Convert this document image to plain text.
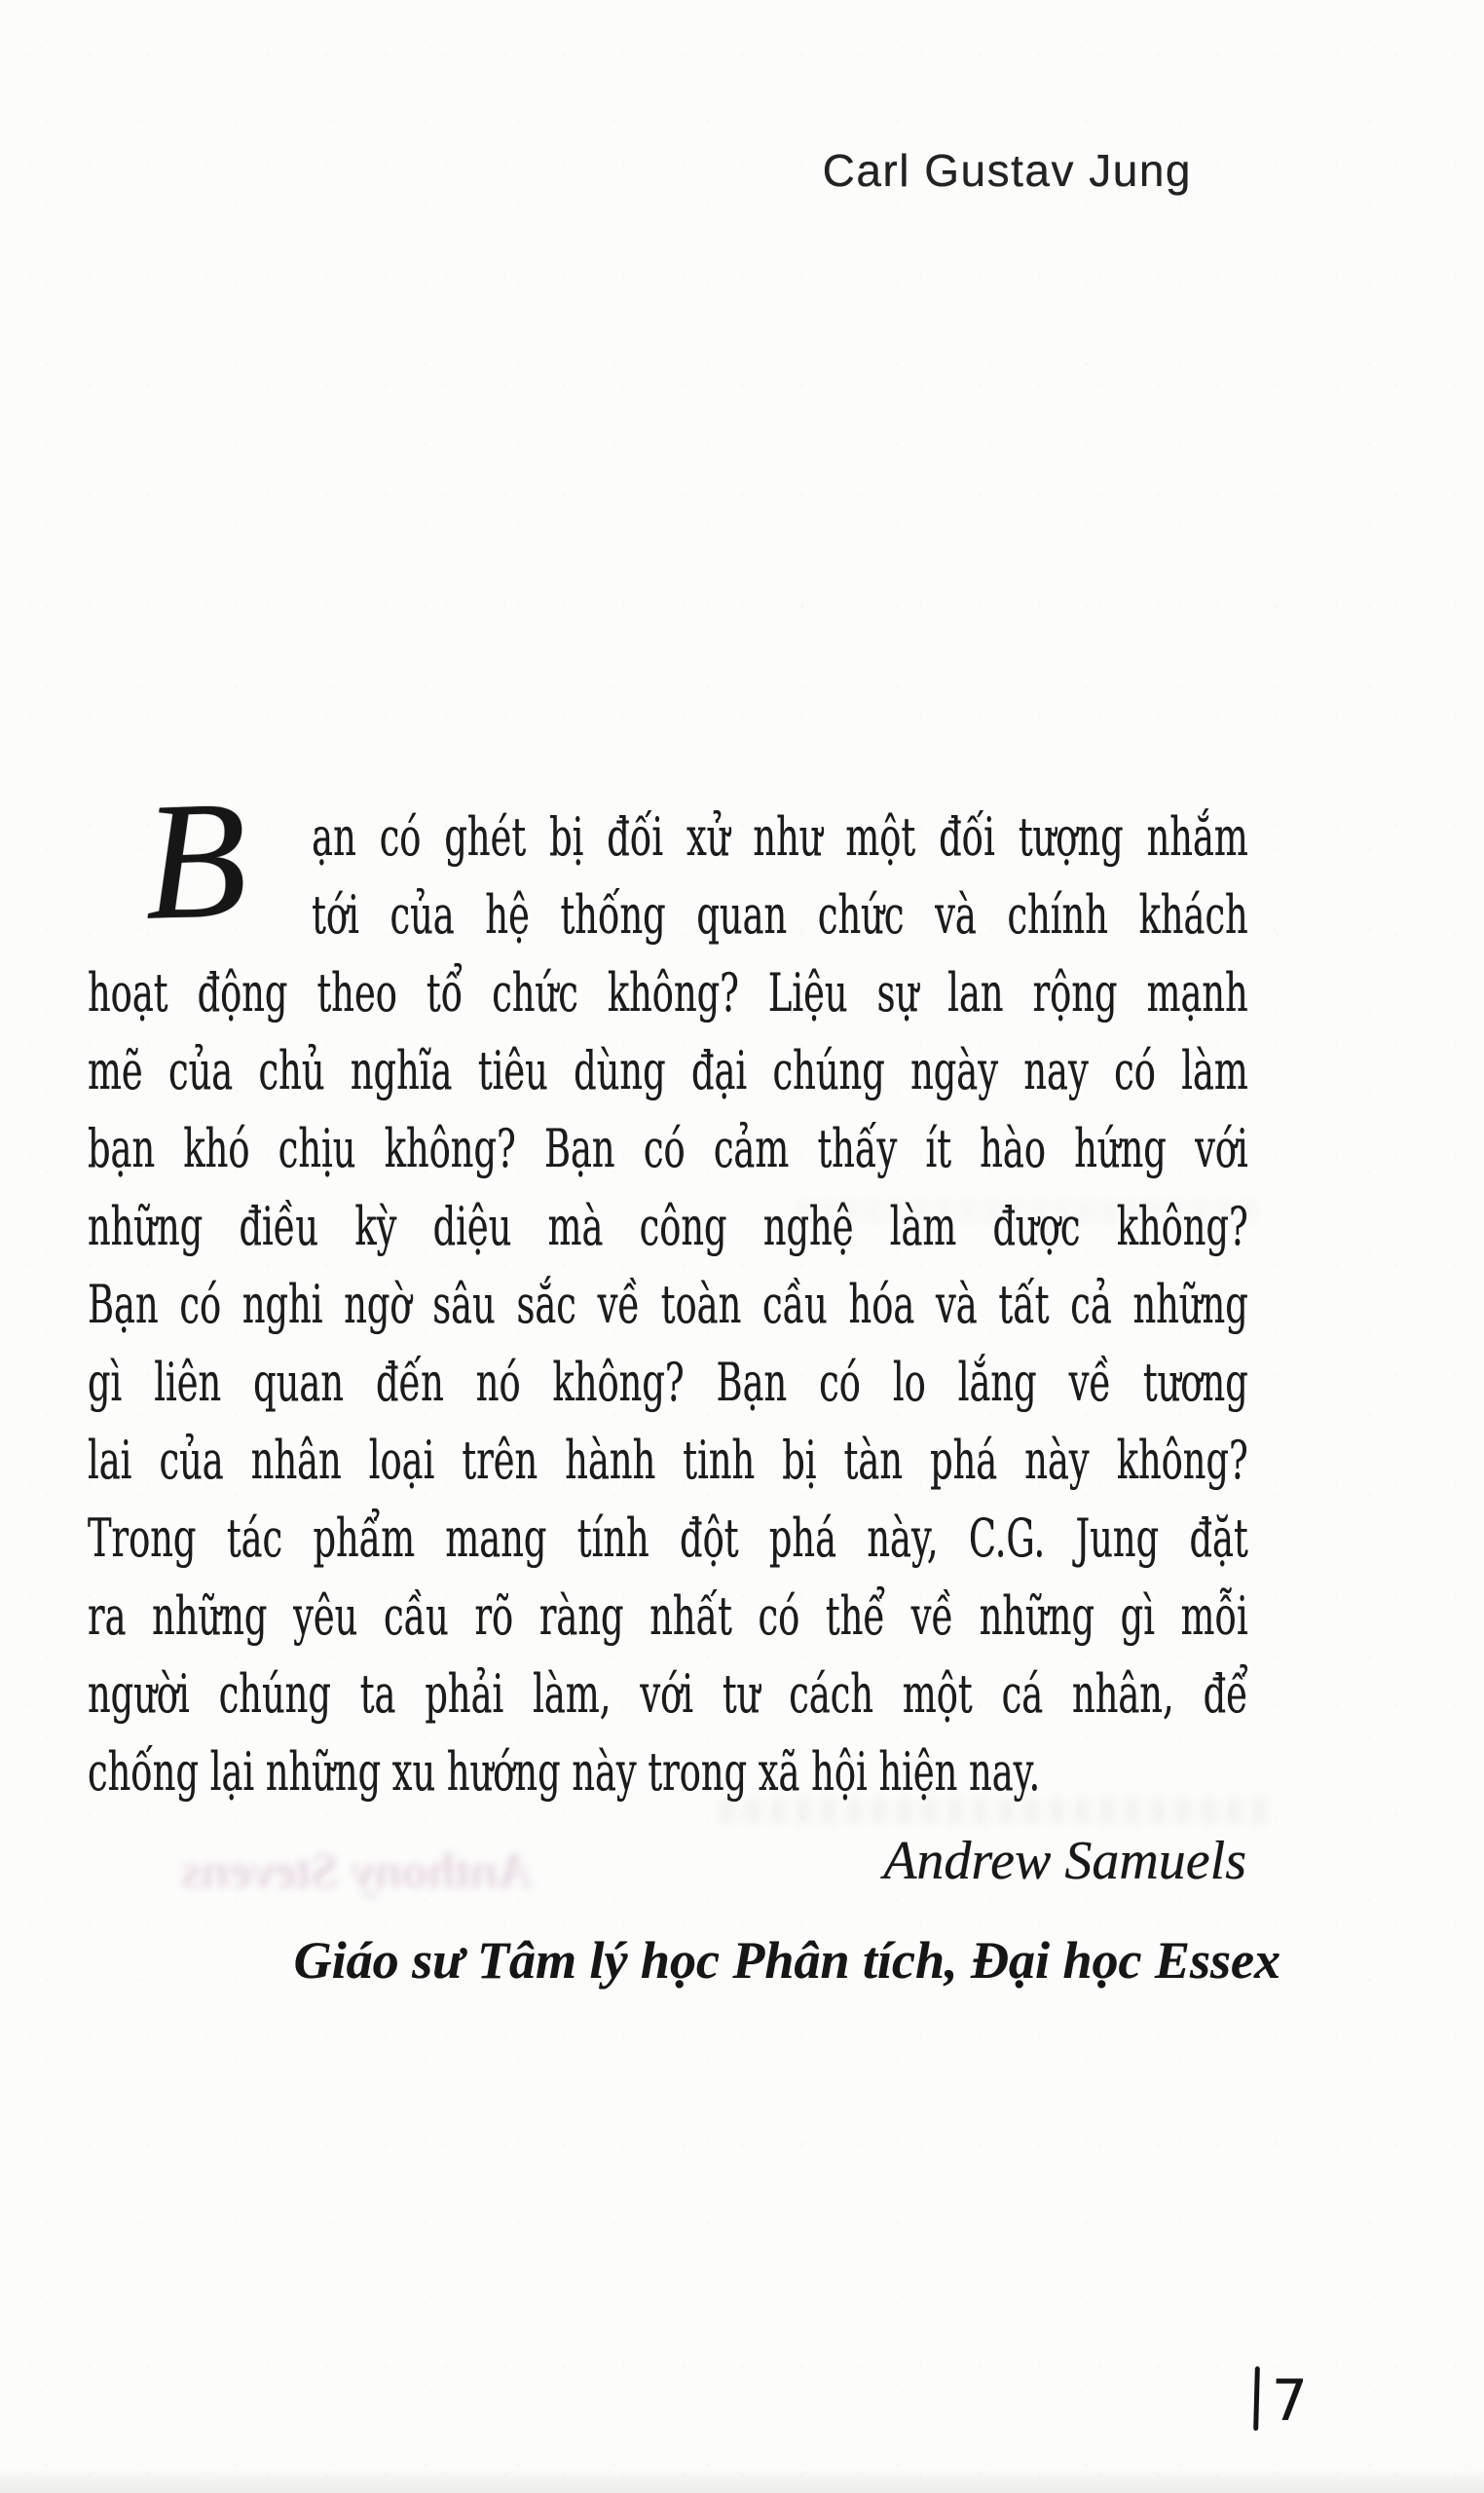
Carl Gustav Jung
B	ạn có ghét bị đối xử như một đối tượng nhắm
tới của hệ thống quan chức và chính khách
hoạt động theo tổ chức không? Liệu sự lan rộng mạnh
mẽ của chủ nghĩa tiêu dùng đại chúng ngày nay có làm
bạn khó chịu không? Bạn có cảm thấy ít hào hứng với
những điều kỳ diệu mà công nghệ làm được không?
Bạn có nghi ngờ sâu sắc về toàn cầu hóa và tất cả những
gì liên quan đến nó không? Bạn có lo lắng về tương
lai của nhân loại trên hành tinh bị tàn phá này không?
Trong tác phẩm mang tính đột phá này, C.G. Jung đặt
ra những yêu cầu rõ ràng nhất có thể về những gì mỗi
người chúng ta phải làm, với tư cách một cá nhân, để
chống lại những xu hướng này trong xã hội hiện nay.
Anthony Stevens	Andrew Samuels
Giáo sư Tâm lý học Phân tích, Đại học Essex
7
